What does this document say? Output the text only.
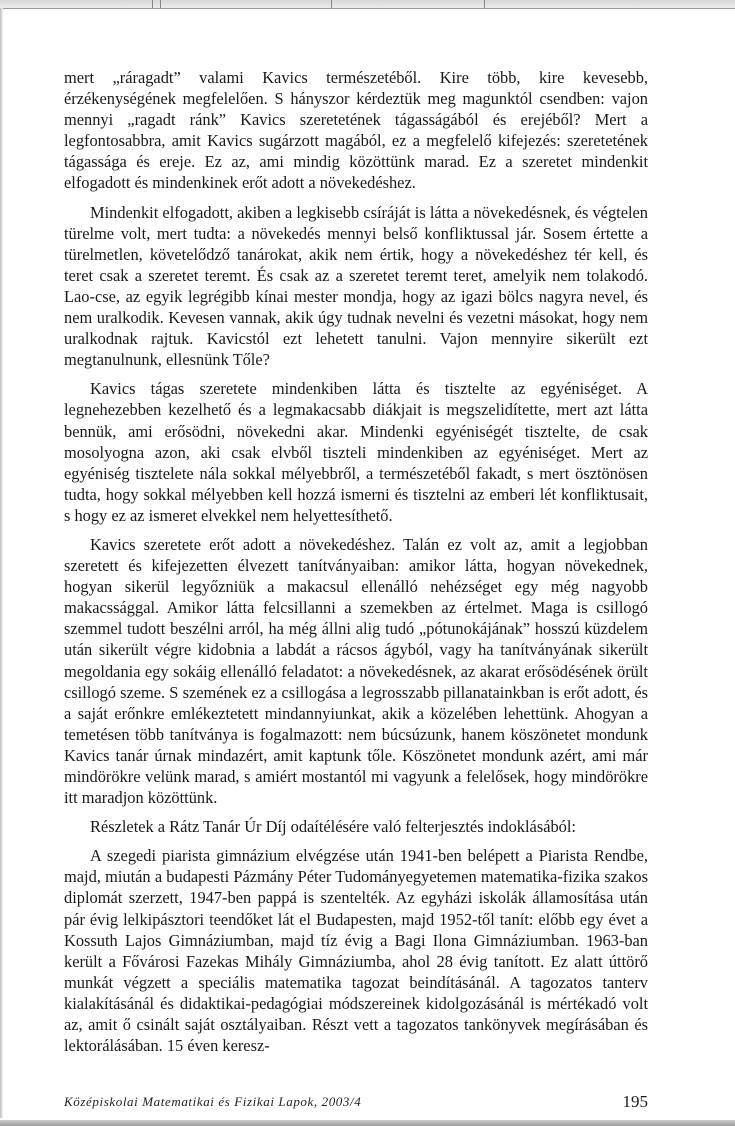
mert „ráragadt” valami Kavics természetéből. Kire több, kire kevesebb, érzékenységének megfelelően. S hányszor kérdeztük meg magunktól csendben: vajon mennyi „ragadt ránk” Kavics szeretetének tágasságából és erejéből? Mert a legfontosabbra, amit Kavics sugárzott magából, ez a megfelelő kifejezés: szeretetének tágassága és ereje. Ez az, ami mindig közöttünk marad. Ez a szeretet mindenkit elfogadott és mindenkinek erőt adott a növekedéshez.

Mindenkit elfogadott, akiben a legkisebb csíráját is látta a növekedésnek, és végtelen türelme volt, mert tudta: a növekedés mennyi belső konfliktussal jár. Sosem értette a türelmetlen, követelődző tanárokat, akik nem értik, hogy a növekedéshez tér kell, és teret csak a szeretet teremt. És csak az a szeretet teremt teret, amelyik nem tolakodó. Lao-cse, az egyik legrégibb kínai mester mondja, hogy az igazi bölcs nagyra nevel, és nem uralkodik. Kevesen vannak, akik úgy tudnak nevelni és vezetni másokat, hogy nem uralkodnak rajtuk. Kavicstól ezt lehetett tanulni. Vajon mennyire sikerült ezt megtanulnunk, ellesnünk Tőle?

Kavics tágas szeretete mindenkiben látta és tisztelte az egyéniséget. A legnehezebben kezelhető és a legmakacsabb diákjait is megszelidítette, mert azt látta bennük, ami erősödni, növekedni akar. Mindenki egyéniségét tisztelte, de csak mosolyogna azon, aki csak elvből tiszteli mindenkiben az egyéniséget. Mert az egyéniség tisztelete nála sokkal mélyebbről, a természetéből fakadt, s mert ösztönösen tudta, hogy sokkal mélyebben kell hozzá ismerni és tisztelni az emberi lét konfliktusait, s hogy ez az ismeret elvekkel nem helyettesíthető.

Kavics szeretete erőt adott a növekedéshez. Talán ez volt az, amit a legjobban szeretett és kifejezetten élvezett tanítványaiban: amikor látta, hogyan növekednek, hogyan sikerül legyőzniük a makacsul ellenálló nehézséget egy még nagyobb makacssággal. Amikor látta felcsillanni a szemekben az értelmet. Maga is csillogó szemmel tudott beszélni arról, ha még állni alig tudó „pótunokájának” hosszú küzdelem után sikerült végre kidobnia a labdát a rácsos ágyból, vagy ha tanítványának sikerült megoldania egy sokáig ellenálló feladatot: a növekedésnek, az akarat erősödésének örült csillogó szeme. S szemének ez a csillogása a legrosszabb pillanatainkban is erőt adott, és a saját erőnkre emlékeztetett mindannyiunkat, akik a közelében lehettünk. Ahogyan a temetésen több tanítványa is fogalmazott: nem búcsúzunk, hanem köszönetet mondunk Kavics tanár úrnak mindazért, amit kaptunk tőle. Köszönetet mondunk azért, ami már mindörökre velünk marad, s amiért mostantól mi vagyunk a felelősek, hogy mindörökre itt maradjon közöttünk.

Részletek a Rátz Tanár Úr Díj odaítélésére való felterjesztés indoklásából:

A szegedi piarista gimnázium elvégzése után 1941-ben belépett a Piarista Rendbe, majd, miután a budapesti Pázmány Péter Tudományegyetemen matematika-fizika szakos diplomát szerzett, 1947-ben pappá is szentelték. Az egyházi iskolák államosítása után pár évig lelkipásztori teendőket lát el Budapesten, majd 1952-től tanít: előbb egy évet a Kossuth Lajos Gimnáziumban, majd tíz évig a Bagi Ilona Gimnáziumban. 1963-ban került a Fővárosi Fazekas Mihály Gimnáziumba, ahol 28 évig tanított. Ez alatt úttörő munkát végzett a speciális matematika tagozat beindításánál. A tagozatos tanterv kialakításánál és didaktikai-pedagógiai módszereinek kidolgozásánál is mértékadó volt az, amit ő csinált saját osztályaiban. Részt vett a tagozatos tankönyvek megírásában és lektorálásában. 15 éven keresz-

Középiskolai Matematikai és Fizikai Lapok, 2003/4	195
